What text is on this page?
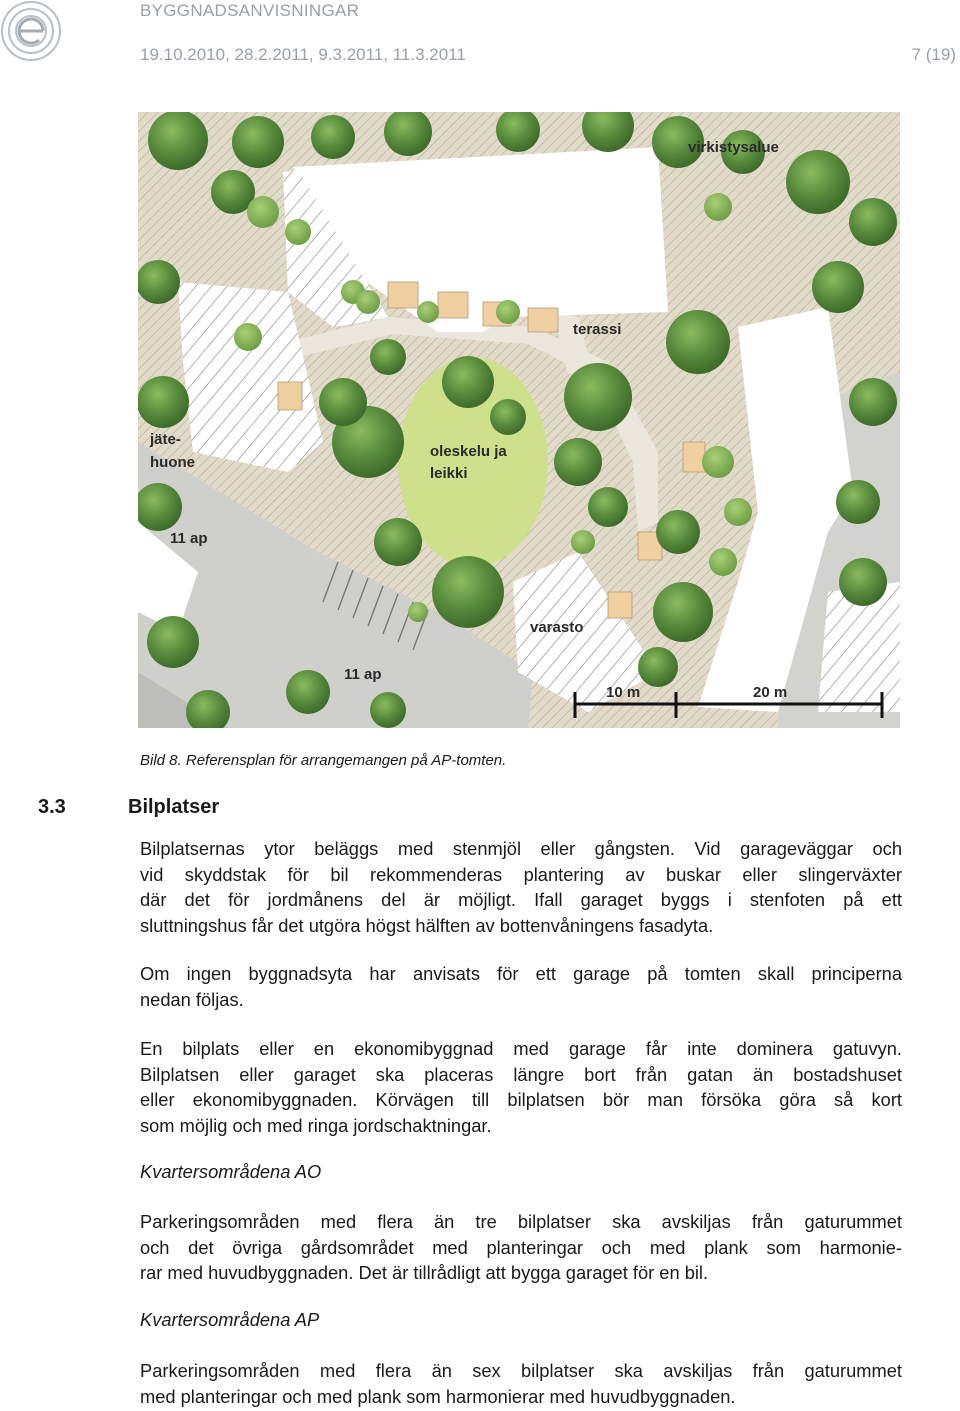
BYGGNADSANVISNINGAR
19.10.2010, 28.2.2011, 9.3.2011, 11.3.2011	7 (19)
virkistysalue
terassi
jäte-
huone
oleskelu ja
leikki
11 ap
11 ap
varasto
10 m	20 m
Bild 8. Referensplan för arrangemangen på AP-tomten.
3.3	Bilplatser

Bilplatsernas ytor beläggs med stenmjöl eller gångsten. Vid garageväggar och
vid skyddstak för bil rekommenderas plantering av buskar eller slingerväxter
där det för jordmånens del är möjligt. Ifall garaget byggs i stenfoten på ett
sluttningshus får det utgöra högst hälften av bottenvåningens fasadyta.

Om ingen byggnadsyta har anvisats för ett garage på tomten skall principerna
nedan följas.

En bilplats eller en ekonomibyggnad med garage får inte dominera gatuvyn.
Bilplatsen eller garaget ska placeras längre bort från gatan än bostadshuset
eller ekonomibyggnaden. Körvägen till bilplatsen bör man försöka göra så kort
som möjlig och med ringa jordschaktningar.

Kvartersområdena AO

Parkeringsområden med flera än tre bilplatser ska avskiljas från gaturummet
och det övriga gårdsområdet med planteringar och med plank som harmonie-
rar med huvudbyggnaden. Det är tillrådligt att bygga garaget för en bil.

Kvartersområdena AP

Parkeringsområden med flera än sex bilplatser ska avskiljas från gaturummet
med planteringar och med plank som harmonierar med huvudbyggnaden.
